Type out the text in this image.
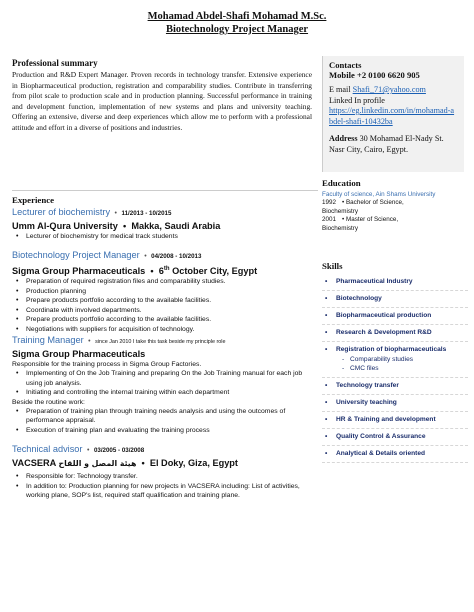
Mohamad Abdel-Shafi Mohamad M.Sc.
Biotechnology Project Manager
Professional summary
Production and R&D Expert Manager. Proven records in technology transfer. Extensive experience in Biopharmaceutical production, registration and comparability studies. Contribute in transferring from pilot scale to production scale and in production planning. Successful performance in training and development function, implementation of new systems and plans and university teaching. Offering an extensive, diverse and deep experiences which allow me to perform with a professional attitude and effort in a diverse of positions and industries.
Contacts
Mobile +2 0100 6620 905
E mail Shafi_71@yahoo.com
Linked In profile
https://eg.linkedin.com/in/mohamad-abdel-shafi-10432ba
Address 30 Mohamad El-Nady St. Nasr City, Cairo, Egypt.
Experience
Lecturer of biochemistry  •  11/2013 - 10/2015
Umm Al-Qura University  •  Makka, Saudi Arabia
• Lecturer of biochemistry for medical track students
Biotechnology Project Manager  •  04/2008 - 10/2013
Sigma Group Pharmaceuticals  •  6th October City, Egypt
• Preparation of required registration files and comparability studies.
• Production planning
• Prepare products portfolio according to the available facilities.
• Coordinate with involved departments.
• Prepare products portfolio according to the available facilities.
• Negotiations with suppliers for acquisition of technology.
Training Manager  •  since Jan 2010 I take this task beside my principle role
Sigma Group Pharmaceuticals
Responsible for the training process in Sigma Group Factories.
• Implementing of On the Job Training and preparing On the Job Training manual for each job using job analysis.
• Initiating and controlling the internal training within each department
Beside the routine work:
• Preparation of training plan through training needs analysis and using the outcomes of performance appraisal.
• Execution of training plan and evaluating the training process
Technical advisor  •  03/2005 - 03/2008
VACSERA هيئة المصل و اللقاح  •  El Doky, Giza, Egypt
• Responsible for: Technology transfer.
• In addition to: Production planning for new projects in VACSERA including: List of activities, working plane, SOP's list, required staff qualification and training plane.
Education
Faculty of science, Ain Shams University
1992 • Bachelor of Science,
Biochemistry
2001 • Master of Science,
Biochemistry
Skills
• Pharmaceutical Industry
• Biotechnology
• Biopharmaceutical production
• Research & Development R&D
• Registration of biopharmaceuticals
- Comparability studies
- CMC files
• Technology transfer
• University teaching
• HR & Training and development
• Quality Control & Assurance
• Analytical & Details oriented
